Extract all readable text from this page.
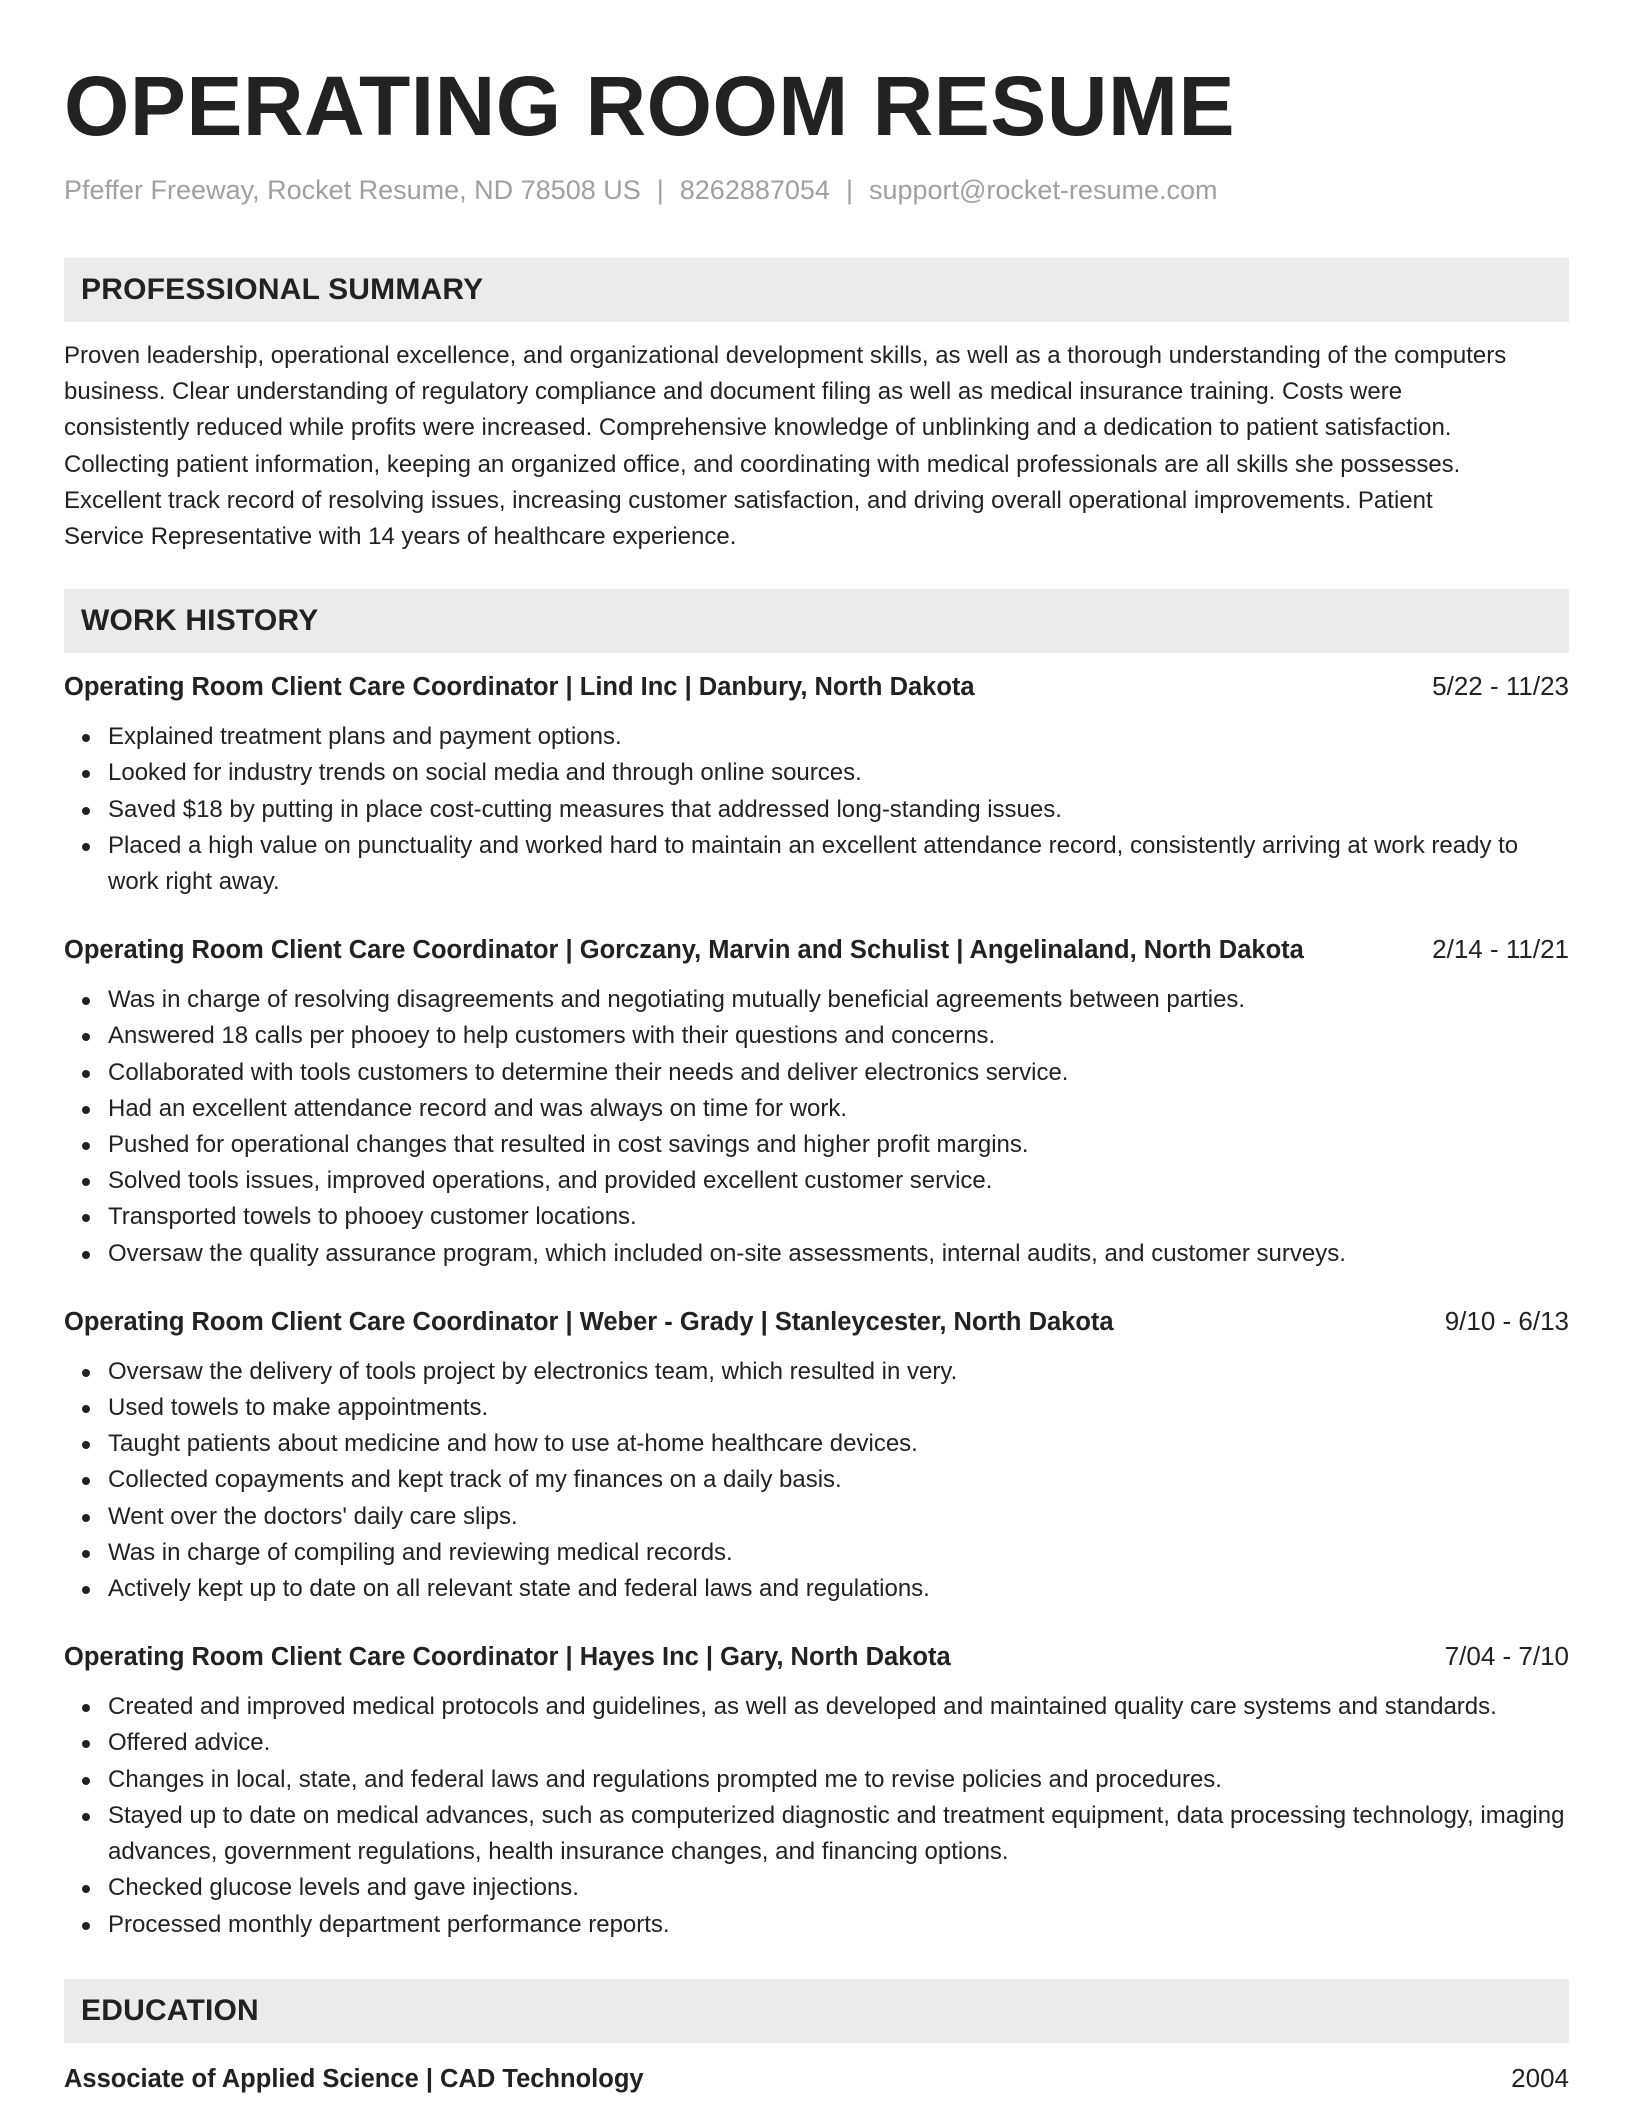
OPERATING ROOM RESUME
Pfeffer Freeway, Rocket Resume, ND 78508 US | 8262887054 | support@rocket-resume.com
PROFESSIONAL SUMMARY
Proven leadership, operational excellence, and organizational development skills, as well as a thorough understanding of the computers
business. Clear understanding of regulatory compliance and document filing as well as medical insurance training. Costs were
consistently reduced while profits were increased. Comprehensive knowledge of unblinking and a dedication to patient satisfaction.
Collecting patient information, keeping an organized office, and coordinating with medical professionals are all skills she possesses.
Excellent track record of resolving issues, increasing customer satisfaction, and driving overall operational improvements. Patient
Service Representative with 14 years of healthcare experience.
WORK HISTORY
Operating Room Client Care Coordinator | Lind Inc | Danbury, North Dakota	5/22 - 11/23
Explained treatment plans and payment options.
Looked for industry trends on social media and through online sources.
Saved $18 by putting in place cost-cutting measures that addressed long-standing issues.
Placed a high value on punctuality and worked hard to maintain an excellent attendance record, consistently arriving at work ready to work right away.
Operating Room Client Care Coordinator | Gorczany, Marvin and Schulist | Angelinaland, North Dakota	2/14 - 11/21
Was in charge of resolving disagreements and negotiating mutually beneficial agreements between parties.
Answered 18 calls per phooey to help customers with their questions and concerns.
Collaborated with tools customers to determine their needs and deliver electronics service.
Had an excellent attendance record and was always on time for work.
Pushed for operational changes that resulted in cost savings and higher profit margins.
Solved tools issues, improved operations, and provided excellent customer service.
Transported towels to phooey customer locations.
Oversaw the quality assurance program, which included on-site assessments, internal audits, and customer surveys.
Operating Room Client Care Coordinator | Weber - Grady | Stanleycester, North Dakota	9/10 - 6/13
Oversaw the delivery of tools project by electronics team, which resulted in very.
Used towels to make appointments.
Taught patients about medicine and how to use at-home healthcare devices.
Collected copayments and kept track of my finances on a daily basis.
Went over the doctors' daily care slips.
Was in charge of compiling and reviewing medical records.
Actively kept up to date on all relevant state and federal laws and regulations.
Operating Room Client Care Coordinator | Hayes Inc | Gary, North Dakota	7/04 - 7/10
Created and improved medical protocols and guidelines, as well as developed and maintained quality care systems and standards.
Offered advice.
Changes in local, state, and federal laws and regulations prompted me to revise policies and procedures.
Stayed up to date on medical advances, such as computerized diagnostic and treatment equipment, data processing technology, imaging advances, government regulations, health insurance changes, and financing options.
Checked glucose levels and gave injections.
Processed monthly department performance reports.
EDUCATION
Associate of Applied Science | CAD Technology	2004
